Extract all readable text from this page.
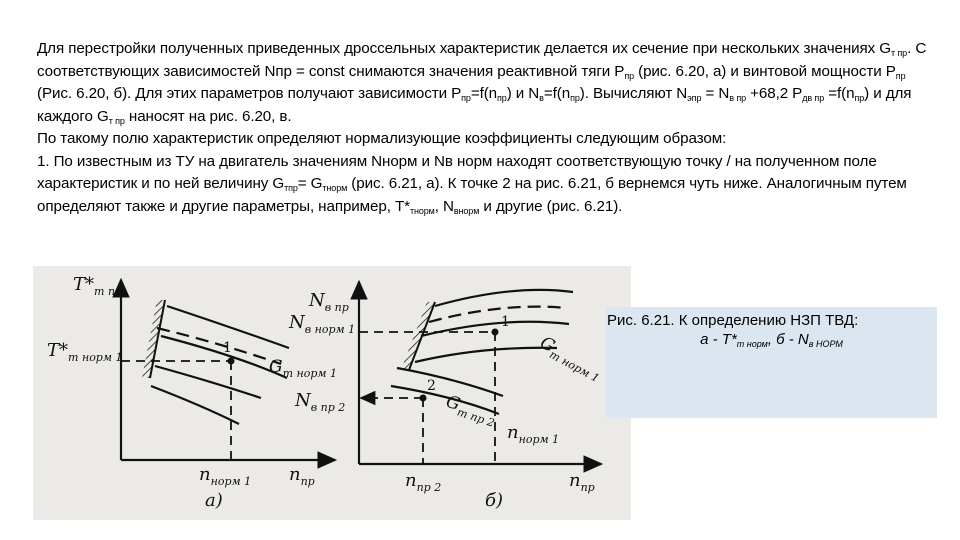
Для перестройки полученных приведенных дроссельных характеристик делается их сечение при нескольких значениях $G_{т пр}$. С соответствующих зависимостей Nпр = const снимаются значения реактивной тяги $P_{пр}$ (рис. 6.20, а) и винтовой мощности $P_{пр}$ (Рис. 6.20, б). Для этих параметров получают зависимости $P_{пр}=f(n_{пр})$ и $N_в=f(n_{пр})$. Вычисляют $N_{эпр} = N_{в пр} +68,2$ $P_{дв пр} =f(n_{пр})$ и для каждого $G_{т пр}$ наносят на рис. 6.20, в.

По такому полю характеристик определяют нормализующие коэффициенты следующим образом:

1. По известным из ТУ на двигатель значениям Nнорм и Nв норм находят соответствующую точку / на полученном поле характеристик и по ней величину $G_{тпр}= G_{тнорм}$ (рис. 6.21, а). К точке 2 на рис. 6.21, б вернемся чуть ниже. Аналогичным путем определяют также и другие параметры, например, $T*_{тнорм}$, $N_{внорм}$ и другие (рис. 6.21).

$T*_{т пр}$
$T*_{т норм 1}$
$n_{пр}$
$n_{норм 1}$
$G_{m норм 1}$
1
а)
$N_{в пр}$
$N_{в норм 1}$
$N_{в пр 2}$
$n_{пр}$
$n_{норм 1}$
$n_{пр 2}$
$G_{m норм 1}$
$G_{m пр 2}$
1
2
б)
Рис. 6.21. К определению НЗП ТВД:
а - $T*_{т норм}$, б - $N_{в НОРМ}$
